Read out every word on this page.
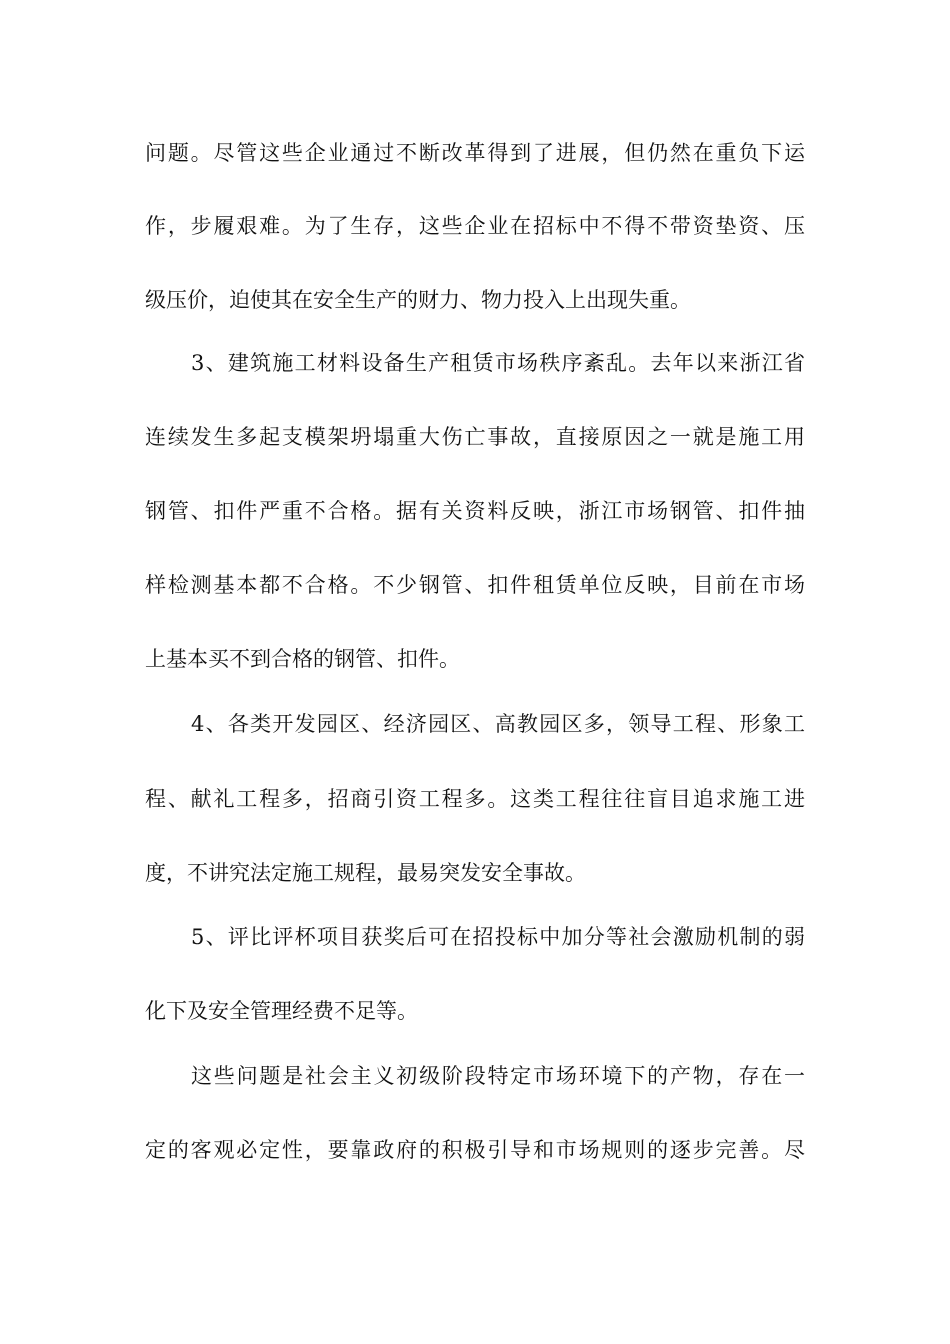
问题。尽管这些企业通过不断改革得到了进展，但仍然在重负下运
作，步履艰难。为了生存，这些企业在招标中不得不带资垫资、压
级压价，迫使其在安全生产的财力、物力投入上出现失重。
3、建筑施工材料设备生产租赁市场秩序紊乱。去年以来浙江省
连续发生多起支模架坍塌重大伤亡事故，直接原因之一就是施工用
钢管、扣件严重不合格。据有关资料反映，浙江市场钢管、扣件抽
样检测基本都不合格。不少钢管、扣件租赁单位反映，目前在市场
上基本买不到合格的钢管、扣件。
4、各类开发园区、经济园区、高教园区多，领导工程、形象工
程、献礼工程多，招商引资工程多。这类工程往往盲目追求施工进
度，不讲究法定施工规程，最易突发安全事故。
5、评比评杯项目获奖后可在招投标中加分等社会激励机制的弱
化下及安全管理经费不足等。
这些问题是社会主义初级阶段特定市场环境下的产物，存在一
定的客观必定性，要靠政府的积极引导和市场规则的逐步完善。尽
